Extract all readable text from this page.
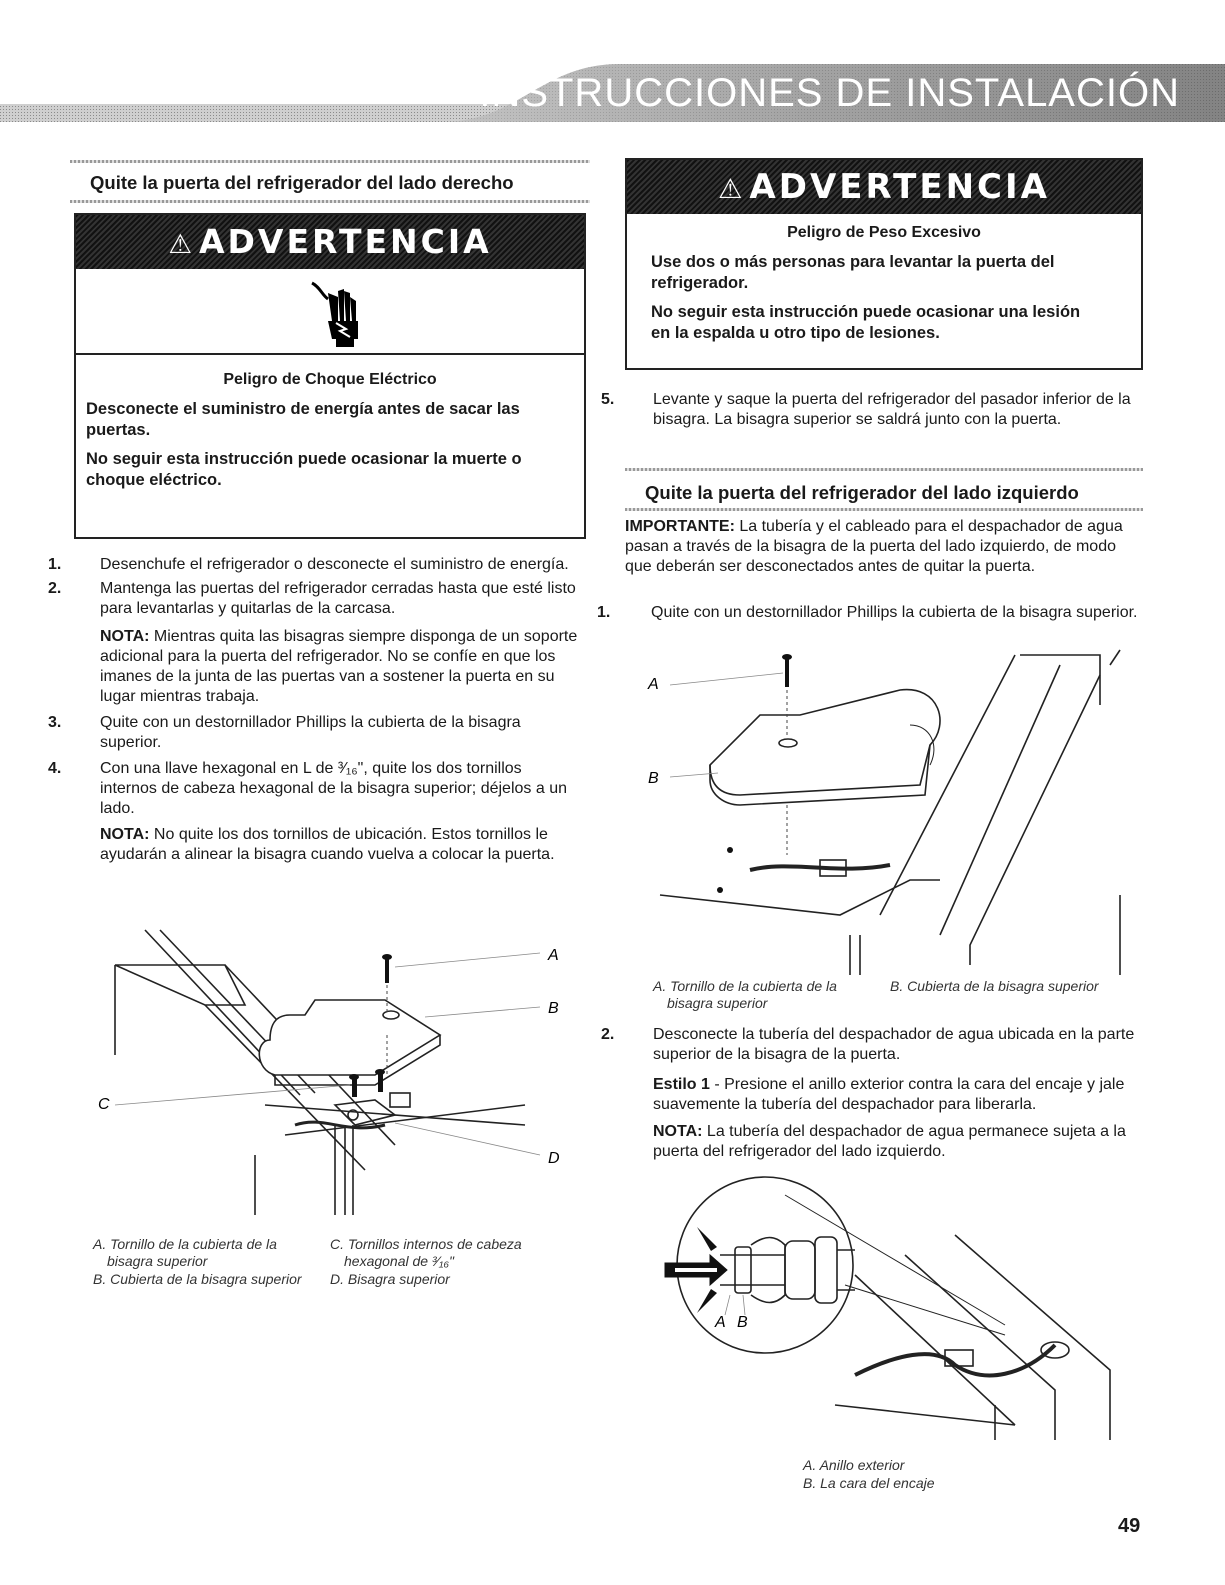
INSTRUCCIONES DE INSTALACIÓN
Quite la puerta del refrigerador del lado derecho
⚠ ADVERTENCIA
Peligro de Choque Eléctrico
Desconecte el suministro de energía antes de sacar las puertas.
No seguir esta instrucción puede ocasionar la muerte o choque eléctrico.
1. Desenchufe el refrigerador o desconecte el suministro de energía.
2. Mantenga las puertas del refrigerador cerradas hasta que esté listo para levantarlas y quitarlas de la carcasa.
NOTA: Mientras quita las bisagras siempre disponga de un soporte adicional para la puerta del refrigerador. No se confíe en que los imanes de la junta de las puertas van a sostener la puerta en su lugar mientras trabaja.
3. Quite con un destornillador Phillips la cubierta de la bisagra superior.
4. Con una llave hexagonal en L de ³⁄₁₆", quite los dos tornillos internos de cabeza hexagonal de la bisagra superior; déjelos a un lado.
NOTA: No quite los dos tornillos de ubicación. Estos tornillos le ayudarán a alinear la bisagra cuando vuelva a colocar la puerta.
A
B
C
D
A. Tornillo de la cubierta de la bisagra superior
B. Cubierta de la bisagra superior
C. Tornillos internos de cabeza hexagonal de ³⁄₁₆"
D. Bisagra superior
⚠ ADVERTENCIA
Peligro de Peso Excesivo
Use dos o más personas para levantar la puerta del refrigerador.
No seguir esta instrucción puede ocasionar una lesión en la espalda u otro tipo de lesiones.
5. Levante y saque la puerta del refrigerador del pasador inferior de la bisagra. La bisagra superior se saldrá junto con la puerta.
Quite la puerta del refrigerador del lado izquierdo
IMPORTANTE: La tubería y el cableado para el despachador de agua pasan a través de la bisagra de la puerta del lado izquierdo, de modo que deberán ser desconectados antes de quitar la puerta.
1.	Quite con un destornillador Phillips la cubierta de la bisagra superior.
A
B
A. Tornillo de la cubierta de la bisagra superior
B. Cubierta de la bisagra superior
2. Desconecte la tubería del despachador de agua ubicada en la parte superior de la bisagra de la puerta.
Estilo 1 - Presione el anillo exterior contra la cara del encaje y jale suavemente la tubería del despachador para liberarla.
NOTA: La tubería del despachador de agua permanece sujeta a la puerta del refrigerador del lado izquierdo.
A B
A. Anillo exterior
B. La cara del encaje
49
